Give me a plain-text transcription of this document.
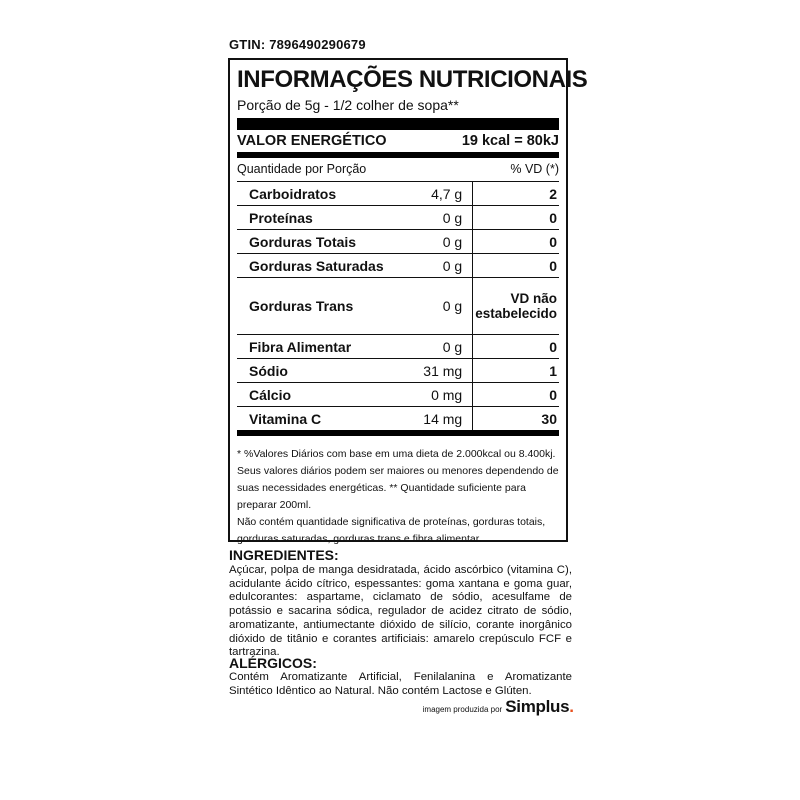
GTIN: 7896490290679
INFORMAÇÕES NUTRICIONAIS
Porção de 5g - 1/2 colher de sopa**
VALOR ENERGÉTICO	19 kcal = 80kJ
Quantidade por Porção	% VD (*)
Carboidratos	4,7 g	2
Proteínas	0 g	0
Gorduras Totais	0 g	0
Gorduras Saturadas	0 g	0
Gorduras Trans	0 g	VD não estabelecido
Fibra Alimentar	0 g	0
Sódio	31 mg	1
Cálcio	0 mg	0
Vitamina C	14 mg	30
* %Valores Diários com base em uma dieta de 2.000kcal ou 8.400kj. Seus valores diários podem ser maiores ou menores dependendo de suas necessidades energéticas. ** Quantidade suficiente para preparar 200ml.
Não contém quantidade significativa de proteínas, gorduras totais, gorduras saturadas, gorduras trans e fibra alimentar.
INGREDIENTES:
Açúcar, polpa de manga desidratada, ácido ascórbico (vitamina C), acidulante ácido cítrico, espessantes: goma xantana e goma guar, edulcorantes: aspartame, ciclamato de sódio, acesulfame de potássio e sacarina sódica, regulador de acidez citrato de sódio, aromatizante, antiumectante dióxido de silício, corante inorgânico dióxido de titânio e corantes artificiais: amarelo crepúsculo FCF e tartrazina.
ALÉRGICOS:
Contém Aromatizante Artificial, Fenilalanina e Aromatizante Sintético Idêntico ao Natural. Não contém Lactose e Glúten.
imagem produzida por Simplus.
